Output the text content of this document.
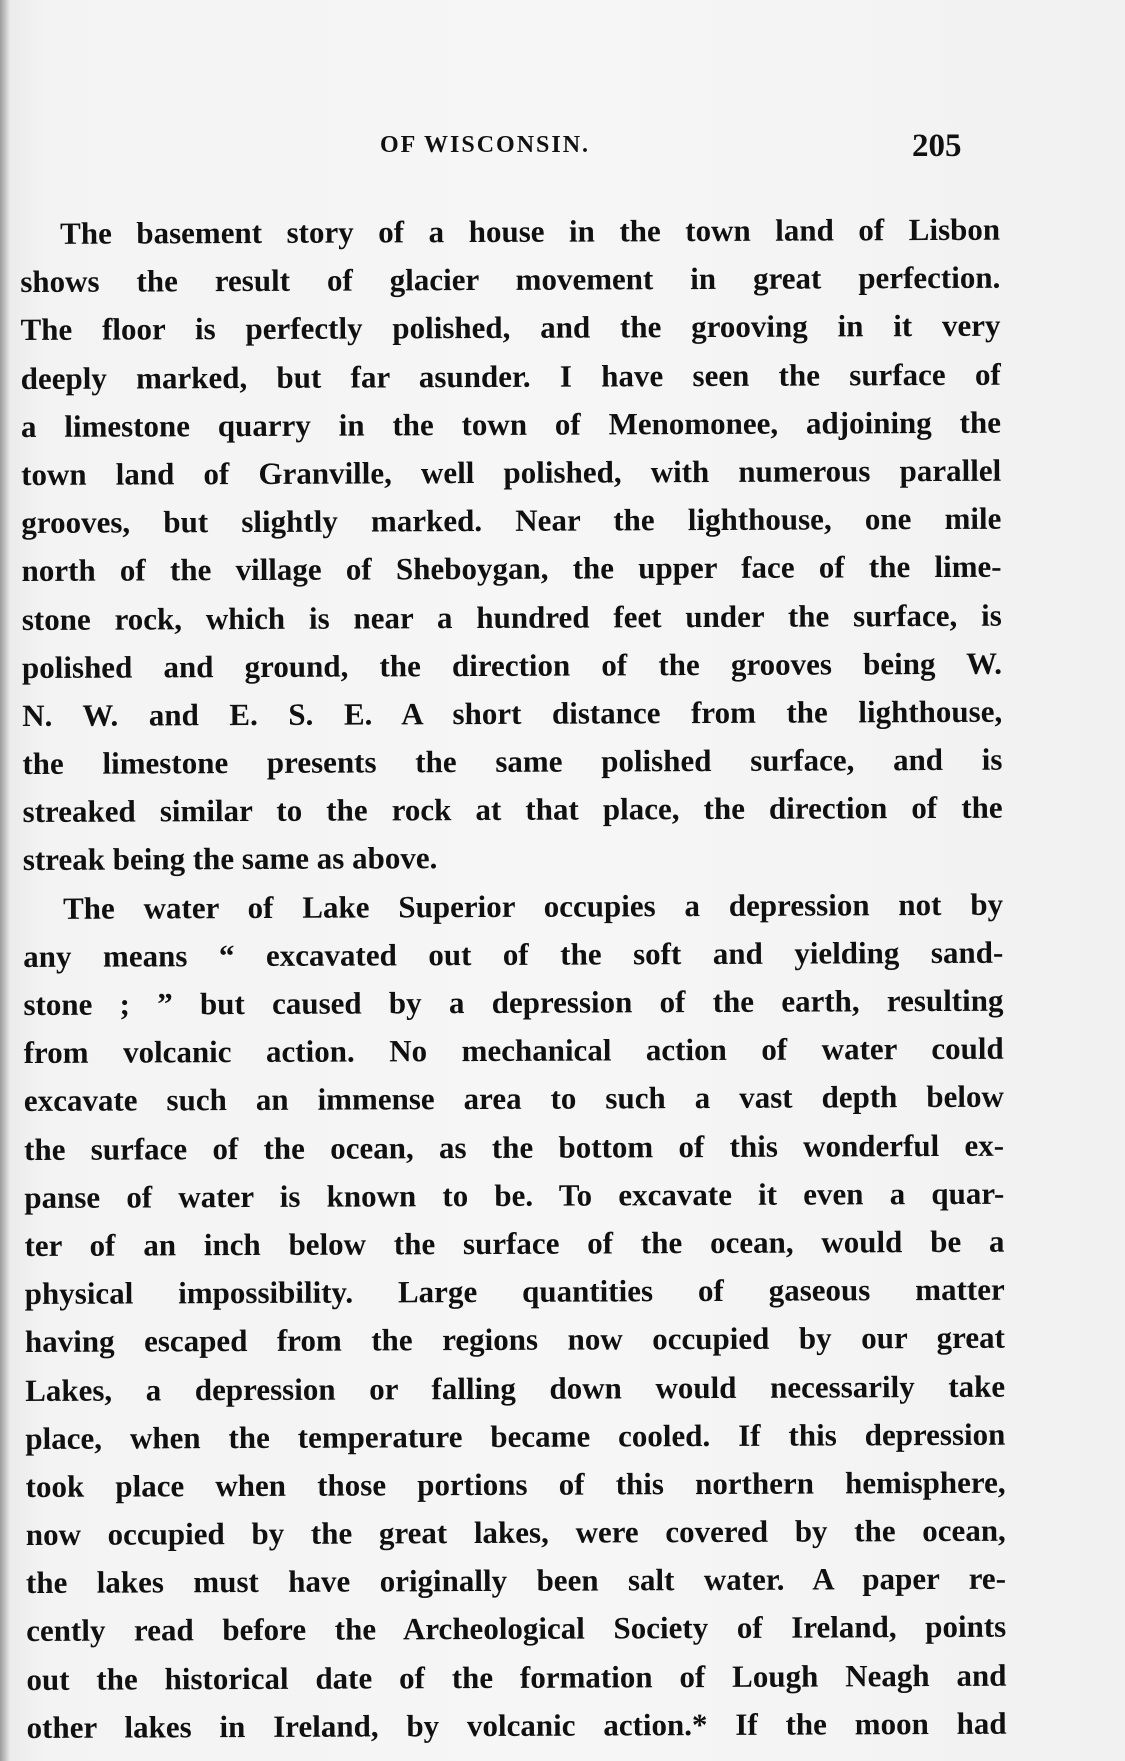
OF WISCONSIN.	205
The basement story of a house in the town land of Lisbon
shows the result of glacier movement in great perfection.
The floor is perfectly polished, and the grooving in it very
deeply marked, but far asunder. I have seen the surface of
a limestone quarry in the town of Menomonee, adjoining the
town land of Granville, well polished, with numerous parallel
grooves, but slightly marked. Near the lighthouse, one mile
north of the village of Sheboygan, the upper face of the lime-
stone rock, which is near a hundred feet under the surface, is
polished and ground, the direction of the grooves being W.
N. W. and E. S. E. A short distance from the lighthouse,
the limestone presents the same polished surface, and is
streaked similar to the rock at that place, the direction of the
streak being the same as above.
The water of Lake Superior occupies a depression not by
any means “ excavated out of the soft and yielding sand-
stone ; ” but caused by a depression of the earth, resulting
from volcanic action. No mechanical action of water could
excavate such an immense area to such a vast depth below
the surface of the ocean, as the bottom of this wonderful ex-
panse of water is known to be. To excavate it even a quar-
ter of an inch below the surface of the ocean, would be a
physical impossibility. Large quantities of gaseous matter
having escaped from the regions now occupied by our great
Lakes, a depression or falling down would necessarily take
place, when the temperature became cooled. If this depression
took place when those portions of this northern hemisphere,
now occupied by the great lakes, were covered by the ocean,
the lakes must have originally been salt water. A paper re-
cently read before the Archeological Society of Ireland, points
out the historical date of the formation of Lough Neagh and
other lakes in Ireland, by volcanic action.* If the moon had
